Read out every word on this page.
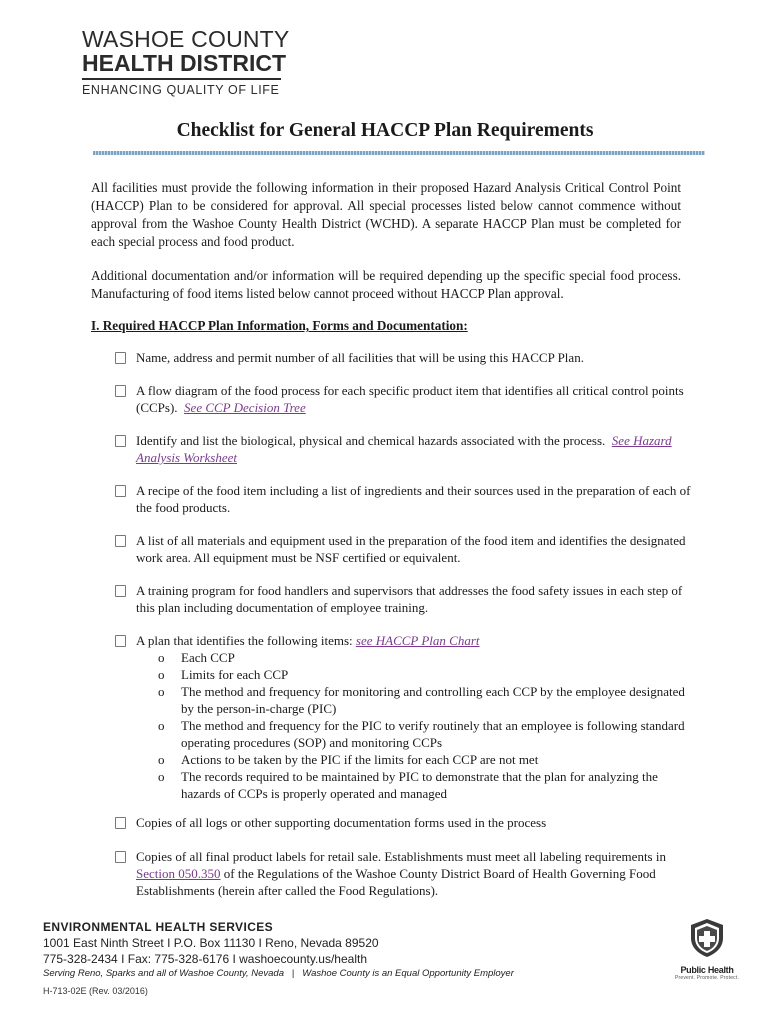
WASHOE COUNTY
HEALTH DISTRICT
ENHANCING QUALITY OF LIFE
Checklist for General HACCP Plan Requirements
All facilities must provide the following information in their proposed Hazard Analysis Critical Control Point (HACCP) Plan to be considered for approval. All special processes listed below cannot commence without approval from the Washoe County Health District (WCHD). A separate HACCP Plan must be completed for each special process and food product.
Additional documentation and/or information will be required depending up the specific special food process. Manufacturing of food items listed below cannot proceed without HACCP Plan approval.
I. Required HACCP Plan Information, Forms and Documentation:
Name, address and permit number of all facilities that will be using this HACCP Plan.
A flow diagram of the food process for each specific product item that identifies all critical control points (CCPs). See CCP Decision Tree
Identify and list the biological, physical and chemical hazards associated with the process. See Hazard Analysis Worksheet
A recipe of the food item including a list of ingredients and their sources used in the preparation of each of the food products.
A list of all materials and equipment used in the preparation of the food item and identifies the designated work area. All equipment must be NSF certified or equivalent.
A training program for food handlers and supervisors that addresses the food safety issues in each step of this plan including documentation of employee training.
A plan that identifies the following items: see HACCP Plan Chart
o Each CCP
o Limits for each CCP
o The method and frequency for monitoring and controlling each CCP by the employee designated by the person-in-charge (PIC)
o The method and frequency for the PIC to verify routinely that an employee is following standard operating procedures (SOP) and monitoring CCPs
o Actions to be taken by the PIC if the limits for each CCP are not met
o The records required to be maintained by PIC to demonstrate that the plan for analyzing the hazards of CCPs is properly operated and managed
Copies of all logs or other supporting documentation forms used in the process
Copies of all final product labels for retail sale. Establishments must meet all labeling requirements in Section 050.350 of the Regulations of the Washoe County District Board of Health Governing Food Establishments (herein after called the Food Regulations).
ENVIRONMENTAL HEALTH SERVICES
1001 East Ninth Street I P.O. Box 11130 I Reno, Nevada 89520
775-328-2434 I Fax: 775-328-6176 I washoecounty.us/health
Serving Reno, Sparks and all of Washoe County, Nevada | Washoe County is an Equal Opportunity Employer
H-713-02E (Rev. 03/2016)
Public Health
Prevent. Promote. Protect.
